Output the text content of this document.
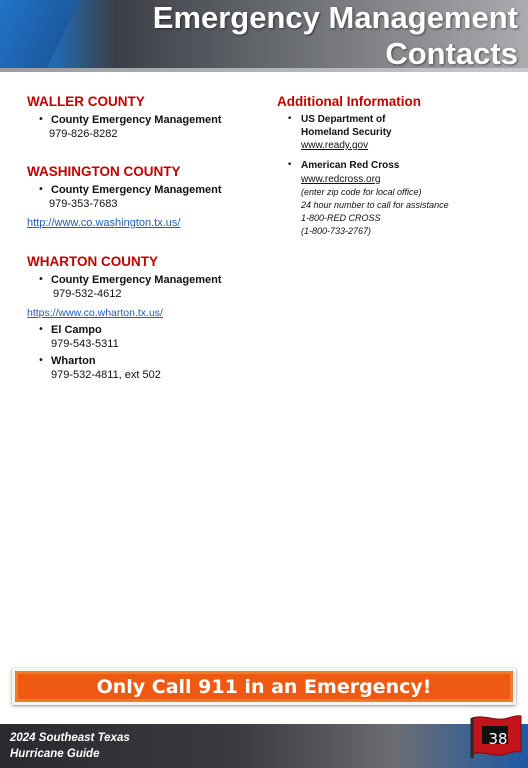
Emergency Management
Contacts
WALLER COUNTY
• County Emergency Management
979-826-8282
WASHINGTON COUNTY
• County Emergency Management
979-353-7683
http://www.co.washington.tx.us/
WHARTON COUNTY
• County Emergency Management
979-532-4612
https://www.co.wharton.tx.us/
• El Campo
979-543-5311
• Wharton
979-532-4811, ext 502
Additional Information
• US Department of
Homeland Security
www.ready.gov
• American Red Cross
www.redcross.org
(enter zip code for local office)
24 hour number to call for assistance
1-800-RED CROSS
(1-800-733-2767)
Only Call 911 in an Emergency!
2024 Southeast Texas
Hurricane Guide
38
